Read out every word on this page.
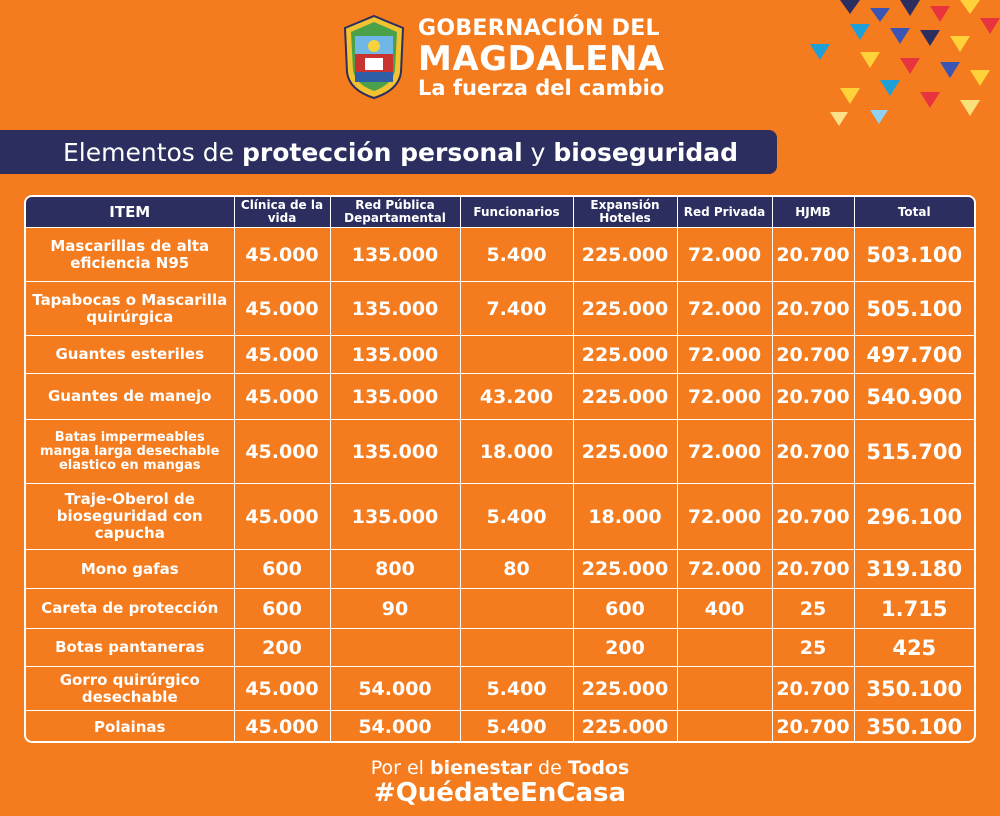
GOBERNACIÓN DEL
MAGDALENA
La fuerza del cambio
Elementos de protección personal y bioseguridad
ITEM	Clínica de la vida	Red Pública Departamental	Funcionarios	Expansión Hoteles	Red Privada	HJMB	Total
Mascarillas de alta eficiencia N95	45.000	135.000	5.400	225.000	72.000	20.700	503.100
Tapabocas o Mascarilla quirúrgica	45.000	135.000	7.400	225.000	72.000	20.700	505.100
Guantes esteriles	45.000	135.000		225.000	72.000	20.700	497.700
Guantes de manejo	45.000	135.000	43.200	225.000	72.000	20.700	540.900
Batas impermeables manga larga desechable elastico en mangas	45.000	135.000	18.000	225.000	72.000	20.700	515.700
Traje-Oberol de bioseguridad con capucha	45.000	135.000	5.400	18.000	72.000	20.700	296.100
Mono gafas	600	800	80	225.000	72.000	20.700	319.180
Careta de protección	600	90		600	400	25	1.715
Botas pantaneras	200			200		25	425
Gorro quirúrgico desechable	45.000	54.000	5.400	225.000		20.700	350.100
Polainas	45.000	54.000	5.400	225.000		20.700	350.100
Por el bienestar de Todos
#QuédateEnCasa
